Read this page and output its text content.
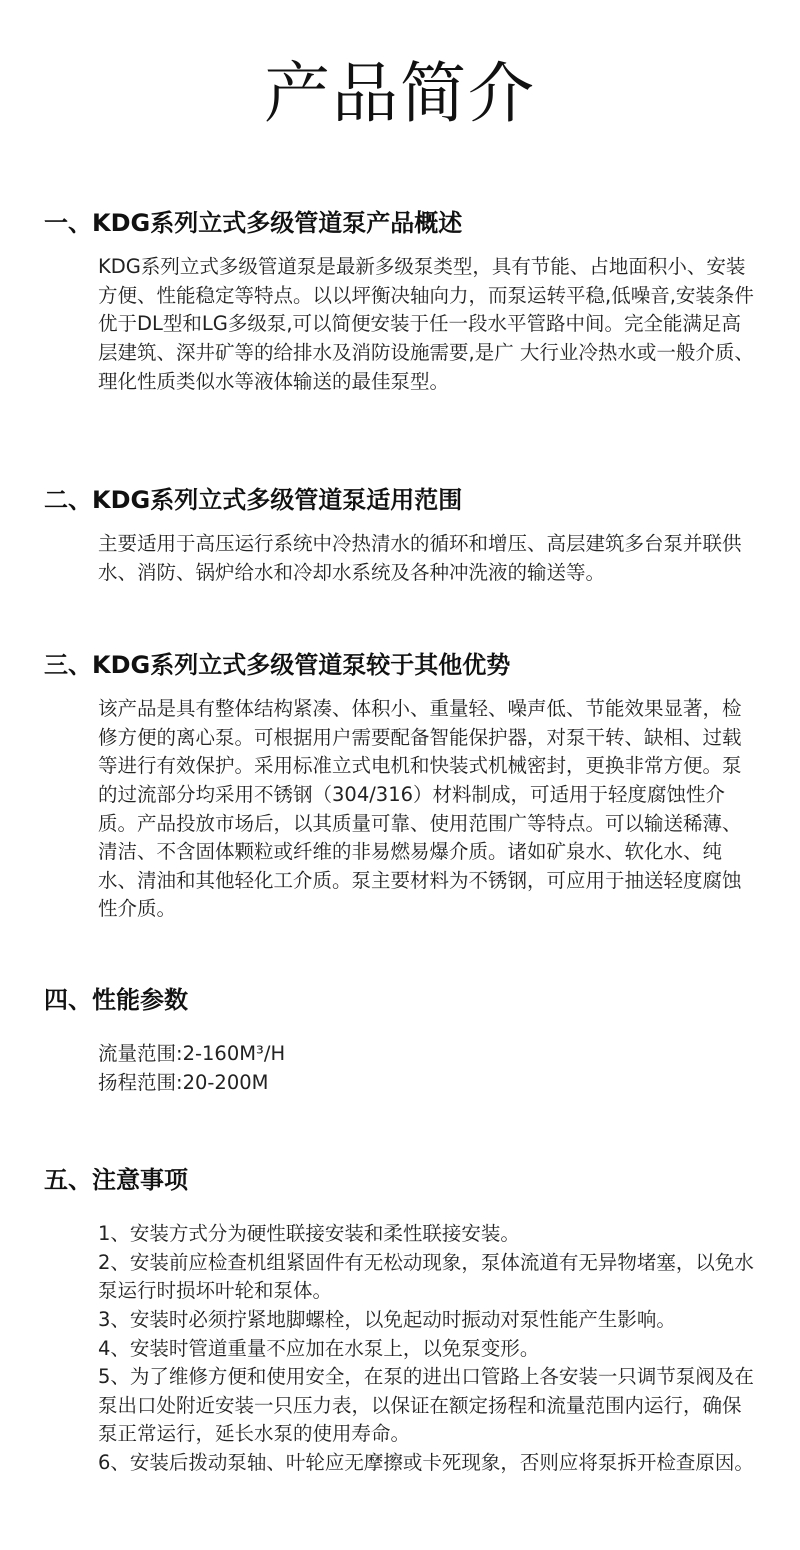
产品简介
一、KDG系列立式多级管道泵产品概述

KDG系列立式多级管道泵是最新多级泵类型，具有节能、占地面积小、安装方便、性能稳定等特点。以以坪衡决轴向力，而泵运转平稳,低噪音,安装条件优于DL型和LG多级泵,可以简便安装于任一段水平管路中间。完全能满足高层建筑、深井矿等的给排水及消防设施需要,是广 大行业冷热水或一般介质、理化性质类似水等液体输送的最佳泵型。

二、KDG系列立式多级管道泵适用范围

主要适用于高压运行系统中冷热清水的循环和增压、高层建筑多台泵并联供水、消防、锅炉给水和冷却水系统及各种冲洗液的输送等。

三、KDG系列立式多级管道泵较于其他优势

该产品是具有整体结构紧凑、体积小、重量轻、噪声低、节能效果显著，检修方便的离心泵。可根据用户需要配备智能保护器，对泵干转、缺相、过载等进行有效保护。采用标准立式电机和快装式机械密封，更换非常方便。泵的过流部分均采用不锈钢（304/316）材料制成，可适用于轻度腐蚀性介质。产品投放市场后，以其质量可靠、使用范围广等特点。可以输送稀薄、清洁、不含固体颗粒或纤维的非易燃易爆介质。诸如矿泉水、软化水、纯水、清油和其他轻化工介质。泵主要材料为不锈钢，可应用于抽送轻度腐蚀性介质。

四、性能参数

流量范围:2-160M³/H

扬程范围:20-200M

五、注意事项

1、安装方式分为硬性联接安装和柔性联接安装。

2、安装前应检查机组紧固件有无松动现象，泵体流道有无异物堵塞，以免水泵运行时损坏叶轮和泵体。

3、安装时必须拧紧地脚螺栓，以免起动时振动对泵性能产生影响。

4、安装时管道重量不应加在水泵上，以免泵变形。

5、为了维修方便和使用安全，在泵的进出口管路上各安装一只调节泵阀及在泵出口处附近安装一只压力表，以保证在额定扬程和流量范围内运行，确保泵正常运行，延长水泵的使用寿命。

6、安装后拨动泵轴、叶轮应无摩擦或卡死现象，否则应将泵拆开检查原因。
